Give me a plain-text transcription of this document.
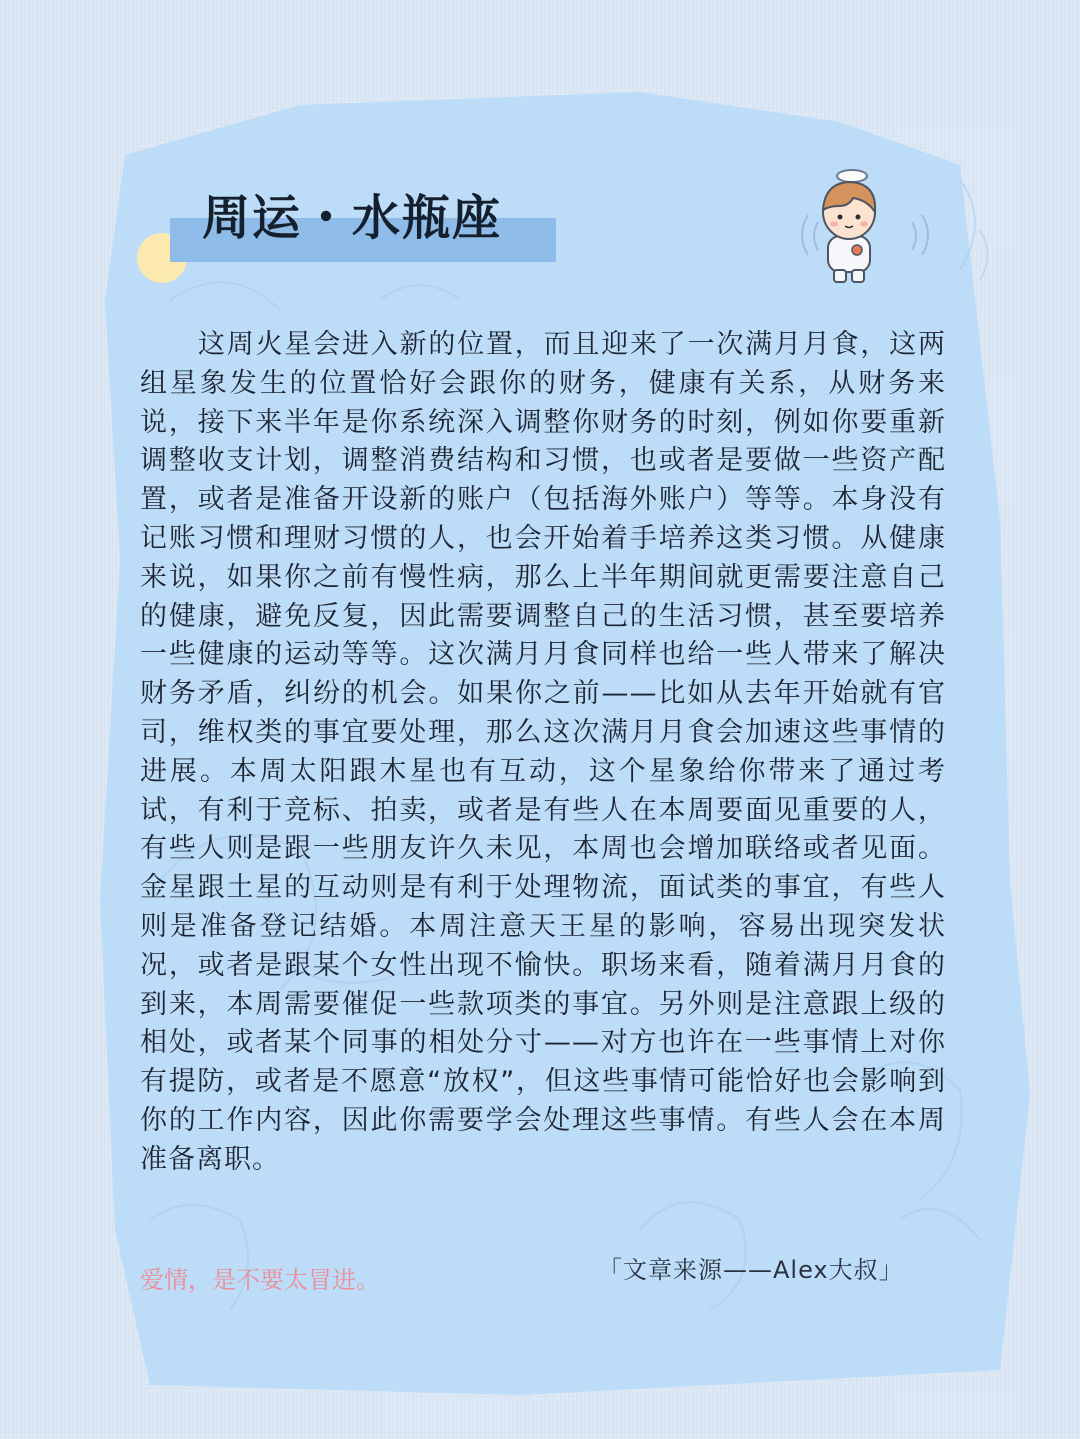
周运・水瓶座

这周火星会进入新的位置，而且迎来了一次满月月食，这两组星象发生的位置恰好会跟你的财务，健康有关系，从财务来说，接下来半年是你系统深入调整你财务的时刻，例如你要重新调整收支计划，调整消费结构和习惯，也或者是要做一些资产配置，或者是准备开设新的账户（包括海外账户）等等。本身没有记账习惯和理财习惯的人，也会开始着手培养这类习惯。从健康来说，如果你之前有慢性病，那么上半年期间就更需要注意自己的健康，避免反复，因此需要调整自己的生活习惯，甚至要培养一些健康的运动等等。这次满月月食同样也给一些人带来了解决财务矛盾，纠纷的机会。如果你之前——比如从去年开始就有官司，维权类的事宜要处理，那么这次满月月食会加速这些事情的进展。本周太阳跟木星也有互动，这个星象给你带来了通过考试，有利于竞标、拍卖，或者是有些人在本周要面见重要的人，有些人则是跟一些朋友许久未见，本周也会增加联络或者见面。金星跟土星的互动则是有利于处理物流，面试类的事宜，有些人则是准备登记结婚。本周注意天王星的影响，容易出现突发状况，或者是跟某个女性出现不愉快。职场来看，随着满月月食的到来，本周需要催促一些款项类的事宜。另外则是注意跟上级的相处，或者某个同事的相处分寸——对方也许在一些事情上对你有提防，或者是不愿意“放权”，但这些事情可能恰好也会影响到你的工作内容，因此你需要学会处理这些事情。有些人会在本周准备离职。

爱情，是不要太冒进。	「文章来源——Alex大叔」
